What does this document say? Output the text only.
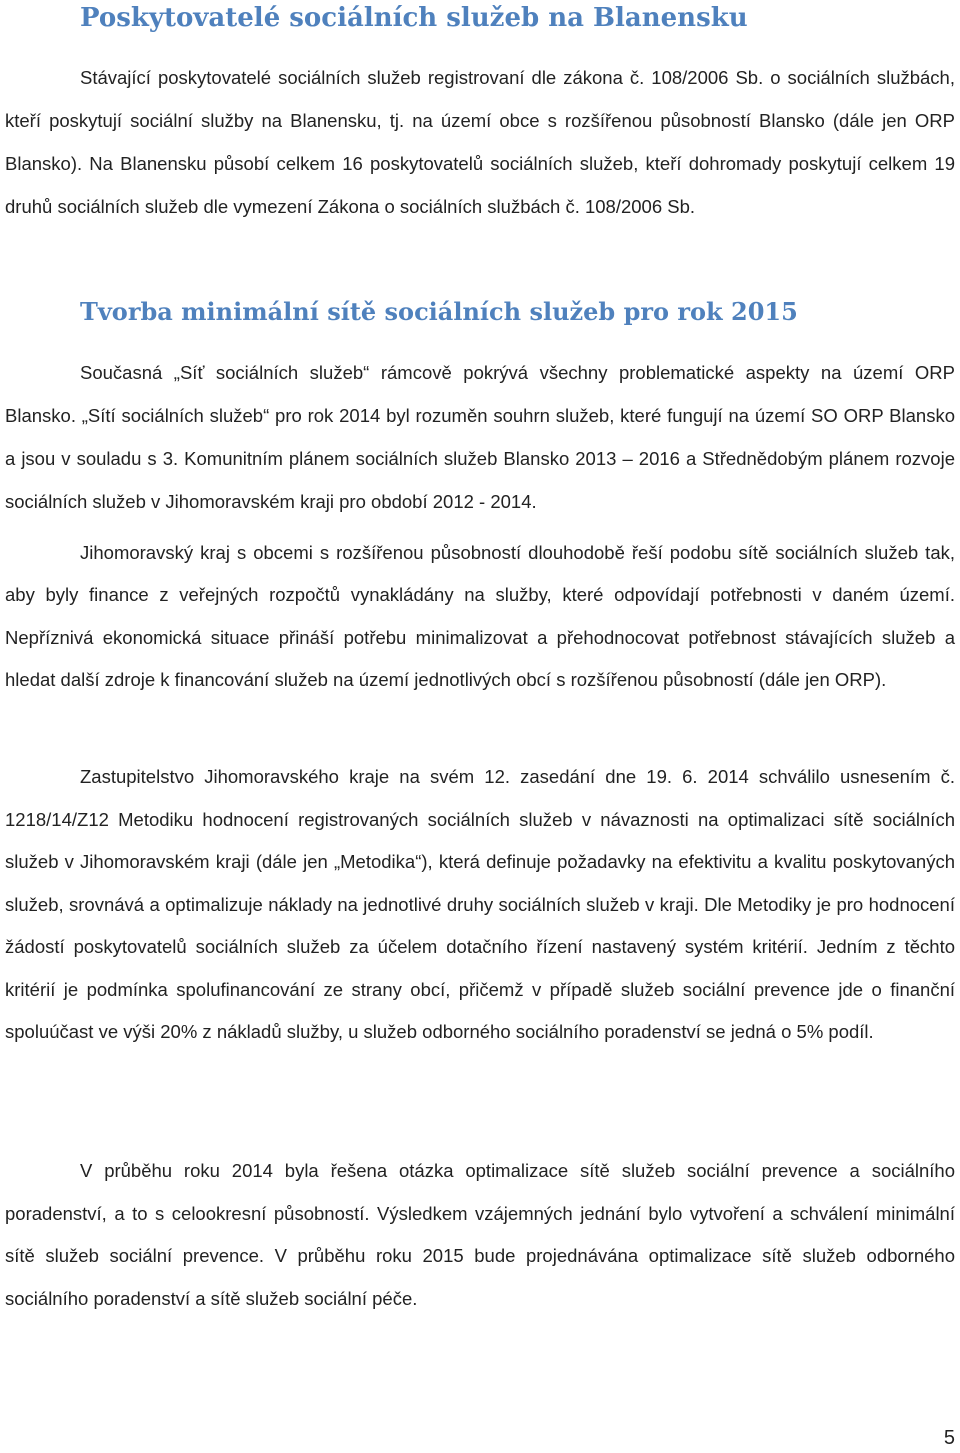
Poskytovatelé sociálních služeb na Blanensku

Stávající poskytovatelé sociálních služeb registrovaní dle zákona č. 108/2006 Sb. o sociálních službách, kteří poskytují sociální služby na Blanensku, tj. na území obce s rozšířenou působností Blansko (dále jen ORP Blansko). Na Blanensku působí celkem 16 poskytovatelů sociálních služeb, kteří dohromady poskytují celkem 19 druhů sociálních služeb dle vymezení Zákona o sociálních službách č. 108/2006 Sb.

Tvorba minimální sítě sociálních služeb pro rok 2015

Současná „Síť sociálních služeb“ rámcově pokrývá všechny problematické aspekty na území ORP Blansko. „Sítí sociálních služeb“ pro rok 2014 byl rozuměn souhrn služeb, které fungují na území SO ORP Blansko a jsou v souladu s 3. Komunitním plánem sociálních služeb Blansko 2013 – 2016 a Střednědobým plánem rozvoje sociálních služeb v Jihomoravském kraji pro období 2012 - 2014.

Jihomoravský kraj s obcemi s rozšířenou působností dlouhodobě řeší podobu sítě sociálních služeb tak, aby byly finance z veřejných rozpočtů vynakládány na služby, které odpovídají potřebnosti v daném území. Nepříznivá ekonomická situace přináší potřebu minimalizovat a přehodnocovat potřebnost stávajících služeb a hledat další zdroje k financování služeb na území jednotlivých obcí s rozšířenou působností (dále jen ORP).

Zastupitelstvo Jihomoravského kraje na svém 12. zasedání dne 19. 6. 2014 schválilo usnesením č. 1218/14/Z12 Metodiku hodnocení registrovaných sociálních služeb v návaznosti na optimalizaci sítě sociálních služeb v Jihomoravském kraji (dále jen „Metodika“), která definuje požadavky na efektivitu a kvalitu poskytovaných služeb, srovnává a optimalizuje náklady na jednotlivé druhy sociálních služeb v kraji. Dle Metodiky je pro hodnocení žádostí poskytovatelů sociálních služeb za účelem dotačního řízení nastavený systém kritérií. Jedním z těchto kritérií je podmínka spolufinancování ze strany obcí, přičemž v případě služeb sociální prevence jde o finanční spoluúčast ve výši 20% z nákladů služby, u služeb odborného sociálního poradenství se jedná o 5% podíl.

V průběhu roku 2014 byla řešena otázka optimalizace sítě služeb sociální prevence a sociálního poradenství, a to s celookresní působností. Výsledkem vzájemných jednání bylo vytvoření a schválení minimální sítě služeb sociální prevence. V průběhu roku 2015 bude projednávána optimalizace sítě služeb odborného sociálního poradenství a sítě služeb sociální péče.

5
